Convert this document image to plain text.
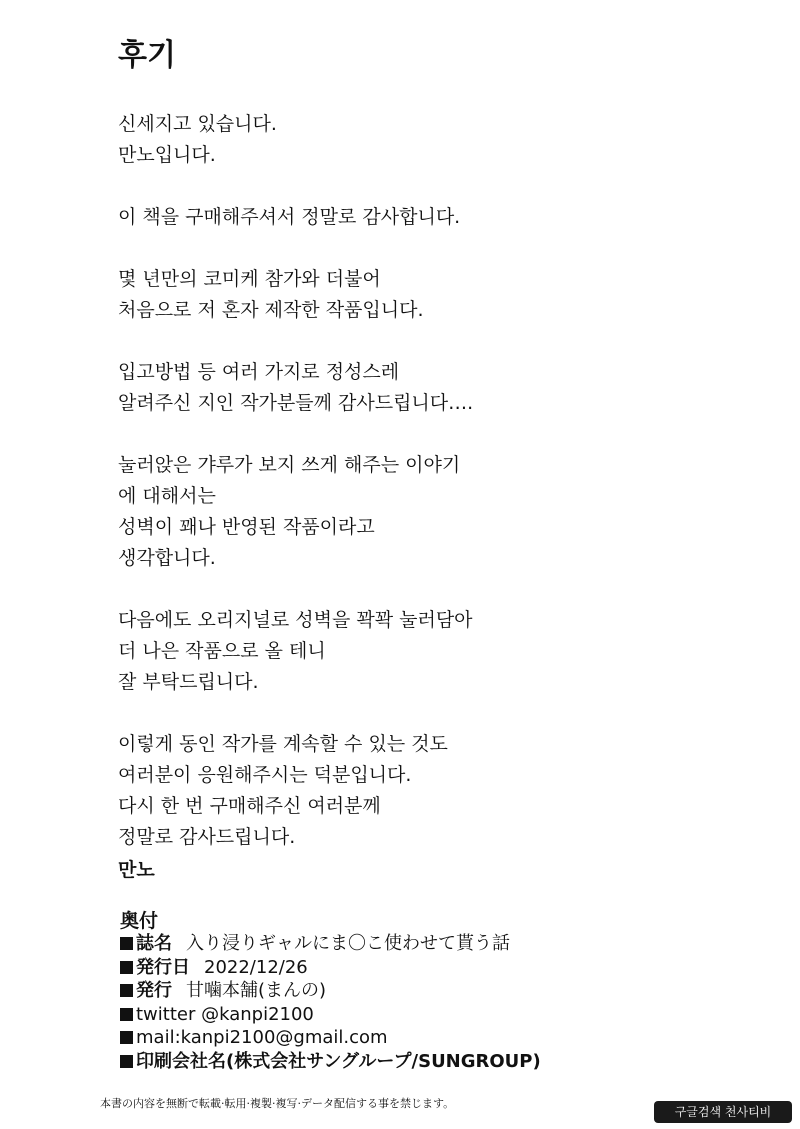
후기
신세지고 있습니다.
만노입니다.
이 책을 구매해주셔서 정말로 감사합니다.
몇 년만의 코미케 참가와 더불어
처음으로 저 혼자 제작한 작품입니다.
입고방법 등 여러 가지로 정성스레
알려주신 지인 작가분들께 감사드립니다….
눌러앉은 갸루가 보지 쓰게 해주는 이야기
에 대해서는
성벽이 꽤나 반영된 작품이라고
생각합니다.
다음에도 오리지널로 성벽을 꽉꽉 눌러담아
더 나은 작품으로 올 테니
잘 부탁드립니다.
이렇게 동인 작가를 계속할 수 있는 것도
여러분이 응원해주시는 덕분입니다.
다시 한 번 구매해주신 여러분께
정말로 감사드립니다.
만노
奥付
誌名 入り浸りギャルにま〇こ使わせて貰う話
発行日 2022/12/26
発行 甘噛本舗(まんの)
twitter @kanpi2100
mail:kanpi2100@gmail.com
印刷会社名(株式会社サングループ/SUNGROUP)
本書の内容を無断で転載·転用·複製·複写·データ配信する事を禁じます。
구글검색 천사티비
